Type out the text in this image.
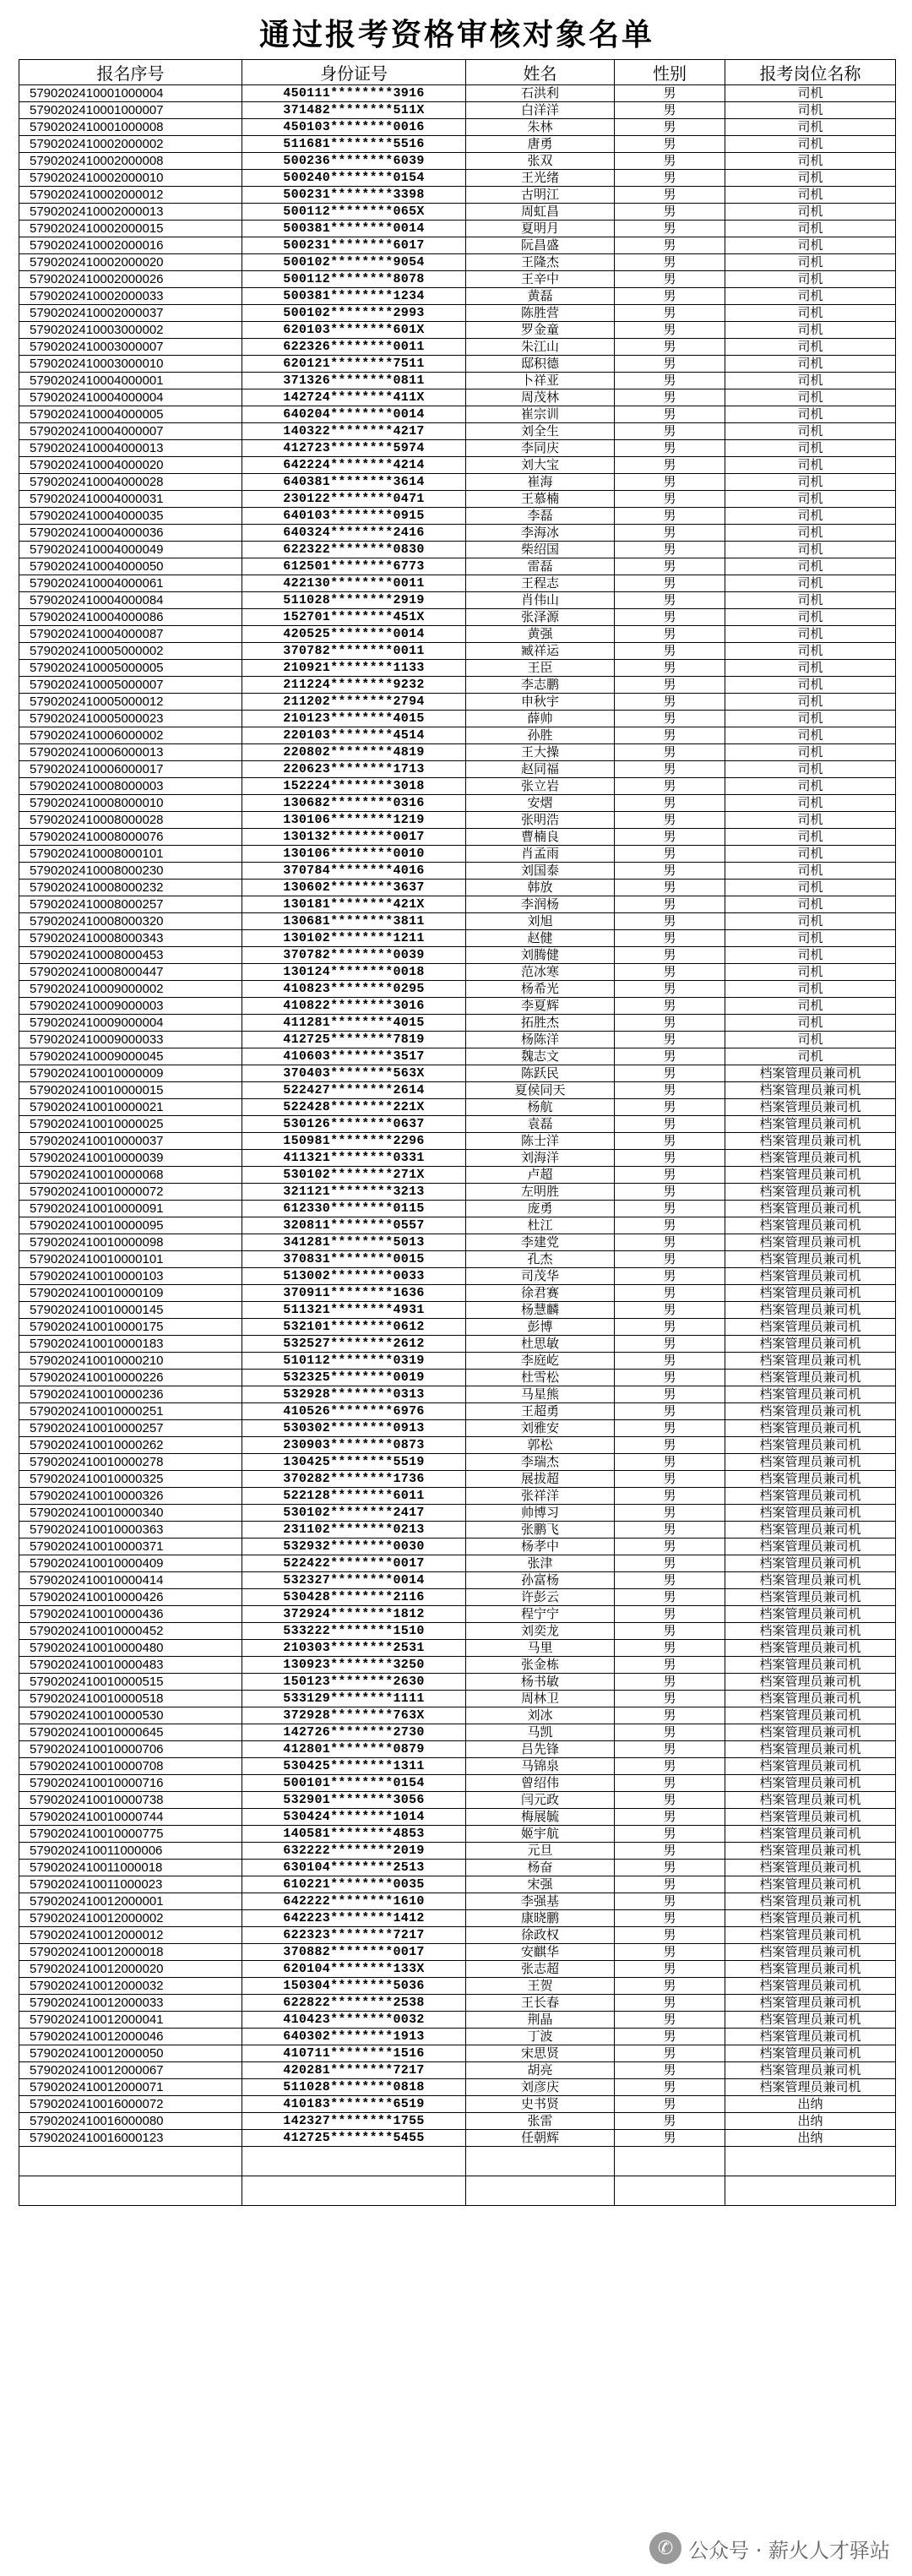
通过报考资格审核对象名单
报名序号	身份证号	姓名	性别	报考岗位名称
5790202410001000004	450111********3916	石洪利	男	司机
5790202410001000007	371482********511X	白洋洋	男	司机
5790202410001000008	450103********0016	朱林	男	司机
5790202410002000002	511681********5516	唐勇	男	司机
5790202410002000008	500236********6039	张双	男	司机
5790202410002000010	500240********0154	王光绪	男	司机
5790202410002000012	500231********3398	古明江	男	司机
5790202410002000013	500112********065X	周虹昌	男	司机
5790202410002000015	500381********0014	夏明月	男	司机
5790202410002000016	500231********6017	阮昌盛	男	司机
5790202410002000020	500102********9054	王隆杰	男	司机
5790202410002000026	500112********8078	王辛中	男	司机
5790202410002000033	500381********1234	黄磊	男	司机
5790202410002000037	500102********2993	陈胜营	男	司机
5790202410003000002	620103********601X	罗金童	男	司机
5790202410003000007	622326********0011	朱江山	男	司机
5790202410003000010	620121********7511	邸积德	男	司机
5790202410004000001	371326********0811	卜祥亚	男	司机
5790202410004000004	142724********411X	周茂林	男	司机
5790202410004000005	640204********0014	崔宗训	男	司机
5790202410004000007	140322********4217	刘全生	男	司机
5790202410004000013	412723********5974	李同庆	男	司机
5790202410004000020	642224********4214	刘大宝	男	司机
5790202410004000028	640381********3614	崔海	男	司机
5790202410004000031	230122********0471	王慕楠	男	司机
5790202410004000035	640103********0915	李磊	男	司机
5790202410004000036	640324********2416	李海冰	男	司机
5790202410004000049	622322********0830	柴绍国	男	司机
5790202410004000050	612501********6773	雷磊	男	司机
5790202410004000061	422130********0011	王程志	男	司机
5790202410004000084	511028********2919	肖伟山	男	司机
5790202410004000086	152701********451X	张泽源	男	司机
5790202410004000087	420525********0014	黄强	男	司机
5790202410005000002	370782********0011	臧祥运	男	司机
5790202410005000005	210921********1133	王臣	男	司机
5790202410005000007	211224********9232	李志鹏	男	司机
5790202410005000012	211202********2794	申秋宇	男	司机
5790202410005000023	210123********4015	薛帅	男	司机
5790202410006000002	220103********4514	孙胜	男	司机
5790202410006000013	220802********4819	王大操	男	司机
5790202410006000017	220623********1713	赵同福	男	司机
5790202410008000003	152224********3018	张立岩	男	司机
5790202410008000010	130682********0316	安熠	男	司机
5790202410008000028	130106********1219	张明浩	男	司机
5790202410008000076	130132********0017	曹楠良	男	司机
5790202410008000101	130106********0010	肖孟雨	男	司机
5790202410008000230	370784********4016	刘国泰	男	司机
5790202410008000232	130602********3637	韩放	男	司机
5790202410008000257	130181********421X	李润杨	男	司机
5790202410008000320	130681********3811	刘旭	男	司机
5790202410008000343	130102********1211	赵健	男	司机
5790202410008000453	370782********0039	刘腾健	男	司机
5790202410008000447	130124********0018	范冰寒	男	司机
5790202410009000002	410823********0295	杨希光	男	司机
5790202410009000003	410822********3016	李夏辉	男	司机
5790202410009000004	411281********4015	拓胜杰	男	司机
5790202410009000033	412725********7819	杨陈洋	男	司机
5790202410009000045	410603********3517	魏志文	男	司机
5790202410010000009	370403********563X	陈跃民	男	档案管理员兼司机
5790202410010000015	522427********2614	夏侯同天	男	档案管理员兼司机
5790202410010000021	522428********221X	杨航	男	档案管理员兼司机
5790202410010000025	530126********0637	袁磊	男	档案管理员兼司机
5790202410010000037	150981********2296	陈士洋	男	档案管理员兼司机
5790202410010000039	411321********0331	刘海洋	男	档案管理员兼司机
5790202410010000068	530102********271X	卢超	男	档案管理员兼司机
5790202410010000072	321121********3213	左明胜	男	档案管理员兼司机
5790202410010000091	612330********0115	庞勇	男	档案管理员兼司机
5790202410010000095	320811********0557	杜江	男	档案管理员兼司机
5790202410010000098	341281********5013	李建党	男	档案管理员兼司机
5790202410010000101	370831********0015	孔杰	男	档案管理员兼司机
5790202410010000103	513002********0033	司茂华	男	档案管理员兼司机
5790202410010000109	370911********1636	徐君赛	男	档案管理员兼司机
5790202410010000145	511321********4931	杨慧麟	男	档案管理员兼司机
5790202410010000175	532101********0612	彭博	男	档案管理员兼司机
5790202410010000183	532527********2612	杜思敏	男	档案管理员兼司机
5790202410010000210	510112********0319	李庭屹	男	档案管理员兼司机
5790202410010000226	532325********0019	杜雪松	男	档案管理员兼司机
5790202410010000236	532928********0313	马星熊	男	档案管理员兼司机
5790202410010000251	410526********6976	王超勇	男	档案管理员兼司机
5790202410010000257	530302********0913	刘雅安	男	档案管理员兼司机
5790202410010000262	230903********0873	郭松	男	档案管理员兼司机
5790202410010000278	130425********5519	李瑞杰	男	档案管理员兼司机
5790202410010000325	370282********1736	展拔超	男	档案管理员兼司机
5790202410010000326	522128********6011	张祥洋	男	档案管理员兼司机
5790202410010000340	530102********2417	帅博习	男	档案管理员兼司机
5790202410010000363	231102********0213	张鹏飞	男	档案管理员兼司机
5790202410010000371	532932********0030	杨孝中	男	档案管理员兼司机
5790202410010000409	522422********0017	张津	男	档案管理员兼司机
5790202410010000414	532327********0014	孙富杨	男	档案管理员兼司机
5790202410010000426	530428********2116	许彭云	男	档案管理员兼司机
5790202410010000436	372924********1812	程宁宁	男	档案管理员兼司机
5790202410010000452	533222********1510	刘奕龙	男	档案管理员兼司机
5790202410010000480	210303********2531	马里	男	档案管理员兼司机
5790202410010000483	130923********3250	张金栋	男	档案管理员兼司机
5790202410010000515	150123********2630	杨书敏	男	档案管理员兼司机
5790202410010000518	533129********1111	周林卫	男	档案管理员兼司机
5790202410010000530	372928********763X	刘冰	男	档案管理员兼司机
5790202410010000645	142726********2730	马凯	男	档案管理员兼司机
5790202410010000706	412801********0879	吕先锋	男	档案管理员兼司机
5790202410010000708	530425********1311	马锦泉	男	档案管理员兼司机
5790202410010000716	500101********0154	曾绍伟	男	档案管理员兼司机
5790202410010000738	532901********3056	闫元政	男	档案管理员兼司机
5790202410010000744	530424********1014	梅展毓	男	档案管理员兼司机
5790202410010000775	140581********4853	姬宇航	男	档案管理员兼司机
5790202410011000006	632222********2019	元旦	男	档案管理员兼司机
5790202410011000018	630104********2513	杨奋	男	档案管理员兼司机
5790202410011000023	610221********0035	宋强	男	档案管理员兼司机
5790202410012000001	642222********1610	李强基	男	档案管理员兼司机
5790202410012000002	642223********1412	康晓鹏	男	档案管理员兼司机
5790202410012000012	622323********7217	徐政权	男	档案管理员兼司机
5790202410012000018	370882********0017	安麒华	男	档案管理员兼司机
5790202410012000020	620104********133X	张志超	男	档案管理员兼司机
5790202410012000032	150304********5036	王贺	男	档案管理员兼司机
5790202410012000033	622822********2538	王长春	男	档案管理员兼司机
5790202410012000041	410423********0032	荆晶	男	档案管理员兼司机
5790202410012000046	640302********1913	丁波	男	档案管理员兼司机
5790202410012000050	410711********1516	宋思贤	男	档案管理员兼司机
5790202410012000067	420281********7217	胡亮	男	档案管理员兼司机
5790202410012000071	511028********0818	刘彦庆	男	档案管理员兼司机
5790202410016000072	410183********6519	史书贤	男	出纳
5790202410016000080	142327********1755	张雷	男	出纳
5790202410016000123	412725********5455	任朝辉	男	出纳

✆ 公众号 · 薪火人才驿站
